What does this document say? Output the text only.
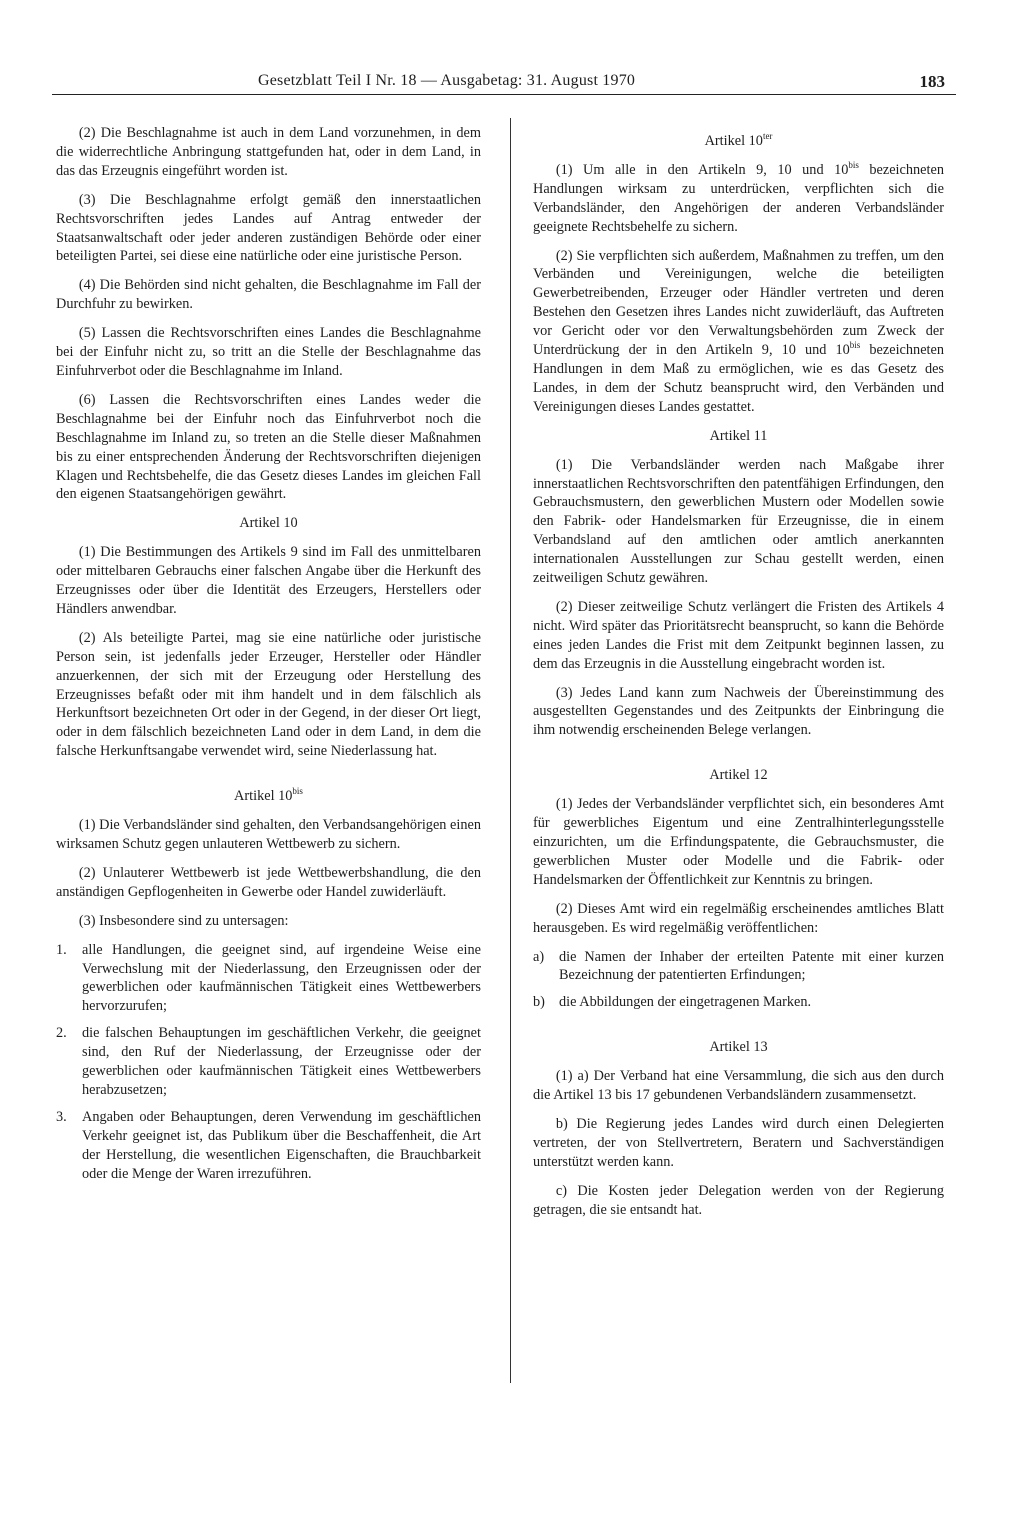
Gesetzblatt Teil I Nr. 18 — Ausgabetag: 31. August 1970	183

(2) Die Beschlagnahme ist auch in dem Land vorzunehmen, in dem die widerrechtliche Anbringung stattgefunden hat, oder in dem Land, in das das Erzeugnis eingeführt worden ist.

(3) Die Beschlagnahme erfolgt gemäß den innerstaatlichen Rechtsvorschriften jedes Landes auf Antrag entweder der Staatsanwaltschaft oder jeder anderen zuständigen Behörde oder einer beteiligten Partei, sei diese eine natürliche oder eine juristische Person.

(4) Die Behörden sind nicht gehalten, die Beschlagnahme im Fall der Durchfuhr zu bewirken.

(5) Lassen die Rechtsvorschriften eines Landes die Beschlagnahme bei der Einfuhr nicht zu, so tritt an die Stelle der Beschlagnahme das Einfuhrverbot oder die Beschlagnahme im Inland.

(6) Lassen die Rechtsvorschriften eines Landes weder die Beschlagnahme bei der Einfuhr noch das Einfuhrverbot noch die Beschlagnahme im Inland zu, so treten an die Stelle dieser Maßnahmen bis zu einer entsprechenden Änderung der Rechtsvorschriften diejenigen Klagen und Rechtsbehelfe, die das Gesetz dieses Landes im gleichen Fall den eigenen Staatsangehörigen gewährt.

Artikel 10

(1) Die Bestimmungen des Artikels 9 sind im Fall des unmittelbaren oder mittelbaren Gebrauchs einer falschen Angabe über die Herkunft des Erzeugnisses oder über die Identität des Erzeugers, Herstellers oder Händlers anwendbar.

(2) Als beteiligte Partei, mag sie eine natürliche oder juristische Person sein, ist jedenfalls jeder Erzeuger, Hersteller oder Händler anzuerkennen, der sich mit der Erzeugung oder Herstellung des Erzeugnisses befaßt oder mit ihm handelt und in dem fälschlich als Herkunftsort bezeichneten Ort oder in der Gegend, in der dieser Ort liegt, oder in dem fälschlich bezeichneten Land oder in dem Land, in dem die falsche Herkunftsangabe verwendet wird, seine Niederlassung hat.

Artikel $10^{bis}$

(1) Die Verbandsländer sind gehalten, den Verbandsangehörigen einen wirksamen Schutz gegen unlauteren Wettbewerb zu sichern.

(2) Unlauterer Wettbewerb ist jede Wettbewerbshandlung, die den anständigen Gepflogenheiten in Gewerbe oder Handel zuwiderläuft.

(3) Insbesondere sind zu untersagen:

1.	alle Handlungen, die geeignet sind, auf irgendeine Weise eine Verwechslung mit der Niederlassung, den Erzeugnissen oder der gewerblichen oder kaufmännischen Tätigkeit eines Wettbewerbers hervorzurufen;
2.	die falschen Behauptungen im geschäftlichen Verkehr, die geeignet sind, den Ruf der Niederlassung, der Erzeugnisse oder der gewerblichen oder kaufmännischen Tätigkeit eines Wettbewerbers herabzusetzen;
3.	Angaben oder Behauptungen, deren Verwendung im geschäftlichen Verkehr geeignet ist, das Publikum über die Beschaffenheit, die Art der Herstellung, die wesentlichen Eigenschaften, die Brauchbarkeit oder die Menge der Waren irrezuführen.
Artikel $10^{ter}$

(1) Um alle in den Artikeln 9, 10 und $10^{bis}$ bezeichneten Handlungen wirksam zu unterdrücken, verpflichten sich die Verbandsländer, den Angehörigen der anderen Verbandsländer geeignete Rechtsbehelfe zu sichern.

(2) Sie verpflichten sich außerdem, Maßnahmen zu treffen, um den Verbänden und Vereinigungen, welche die beteiligten Gewerbetreibenden, Erzeuger oder Händler vertreten und deren Bestehen den Gesetzen ihres Landes nicht zuwiderläuft, das Auftreten vor Gericht oder vor den Verwaltungsbehörden zum Zweck der Unterdrückung der in den Artikeln 9, 10 und $10^{bis}$ bezeichneten Handlungen in dem Maß zu ermöglichen, wie es das Gesetz des Landes, in dem der Schutz beansprucht wird, den Verbänden und Vereinigungen dieses Landes gestattet.

Artikel 11

(1) Die Verbandsländer werden nach Maßgabe ihrer innerstaatlichen Rechtsvorschriften den patentfähigen Erfindungen, den Gebrauchsmustern, den gewerblichen Mustern oder Modellen sowie den Fabrik- oder Handelsmarken für Erzeugnisse, die in einem Verbandsland auf den amtlichen oder amtlich anerkannten internationalen Ausstellungen zur Schau gestellt werden, einen zeitweiligen Schutz gewähren.

(2) Dieser zeitweilige Schutz verlängert die Fristen des Artikels 4 nicht. Wird später das Prioritätsrecht beansprucht, so kann die Behörde eines jeden Landes die Frist mit dem Zeitpunkt beginnen lassen, zu dem das Erzeugnis in die Ausstellung eingebracht worden ist.

(3) Jedes Land kann zum Nachweis der Übereinstimmung des ausgestellten Gegenstandes und des Zeitpunkts der Einbringung die ihm notwendig erscheinenden Belege verlangen.

Artikel 12

(1) Jedes der Verbandsländer verpflichtet sich, ein besonderes Amt für gewerbliches Eigentum und eine Zentralhinterlegungsstelle einzurichten, um die Erfindungspatente, die Gebrauchsmuster, die gewerblichen Muster oder Modelle und die Fabrik- oder Handelsmarken der Öffentlichkeit zur Kenntnis zu bringen.

(2) Dieses Amt wird ein regelmäßig erscheinendes amtliches Blatt herausgeben. Es wird regelmäßig veröffentlichen:

a)	die Namen der Inhaber der erteilten Patente mit einer kurzen Bezeichnung der patentierten Erfindungen;
b) die Abbildungen der eingetragenen Marken.
Artikel 13

(1) a) Der Verband hat eine Versammlung, die sich aus den durch die Artikel 13 bis 17 gebundenen Verbandsländern zusammensetzt.

b) Die Regierung jedes Landes wird durch einen Delegierten vertreten, der von Stellvertretern, Beratern und Sachverständigen unterstützt werden kann.

c) Die Kosten jeder Delegation werden von der Regierung getragen, die sie entsandt hat.
